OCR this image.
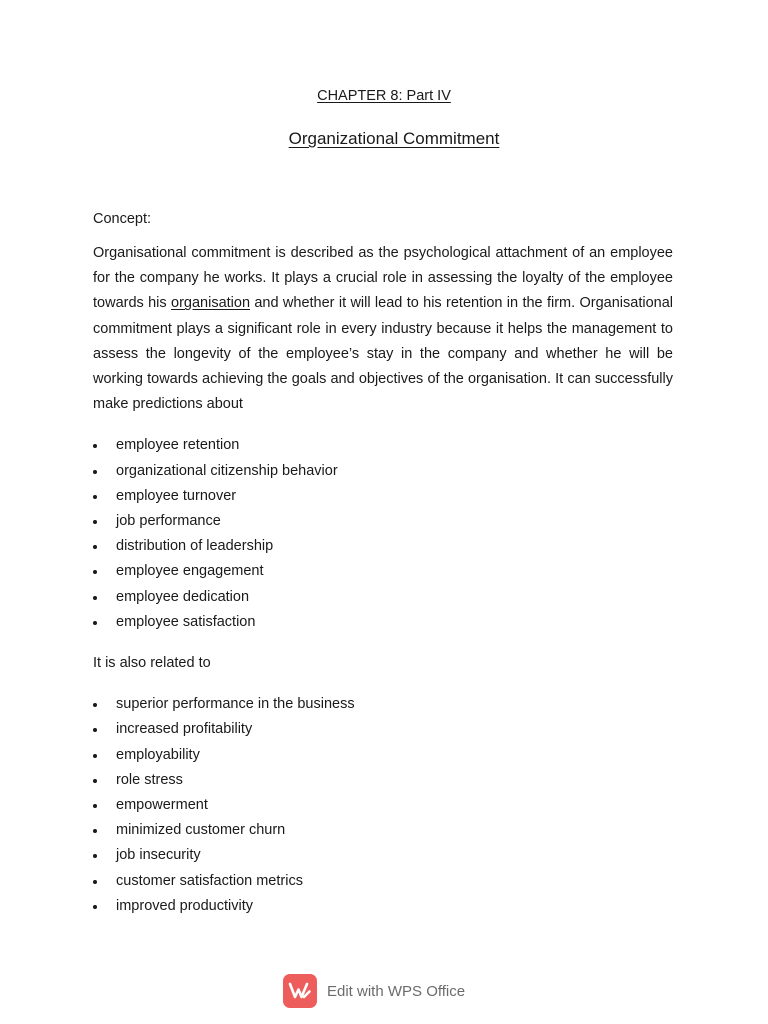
CHAPTER 8: Part IV
Organizational Commitment

Concept:

Organisational commitment is described as the psychological attachment of an employee for the company he works. It plays a crucial role in assessing the loyalty of the employee towards his organisation and whether it will lead to his retention in the firm. Organisational commitment plays a significant role in every industry because it helps the management to assess the longevity of the employee’s stay in the company and whether he will be working towards achieving the goals and objectives of the organisation. It can successfully make predictions about

employee retention
organizational citizenship behavior
employee turnover
job performance
distribution of leadership
employee engagement
employee dedication
employee satisfaction

It is also related to

superior performance in the business
increased profitability
employability
role stress
empowerment
minimized customer churn
job insecurity
customer satisfaction metrics
improved productivity
Edit with WPS Office
